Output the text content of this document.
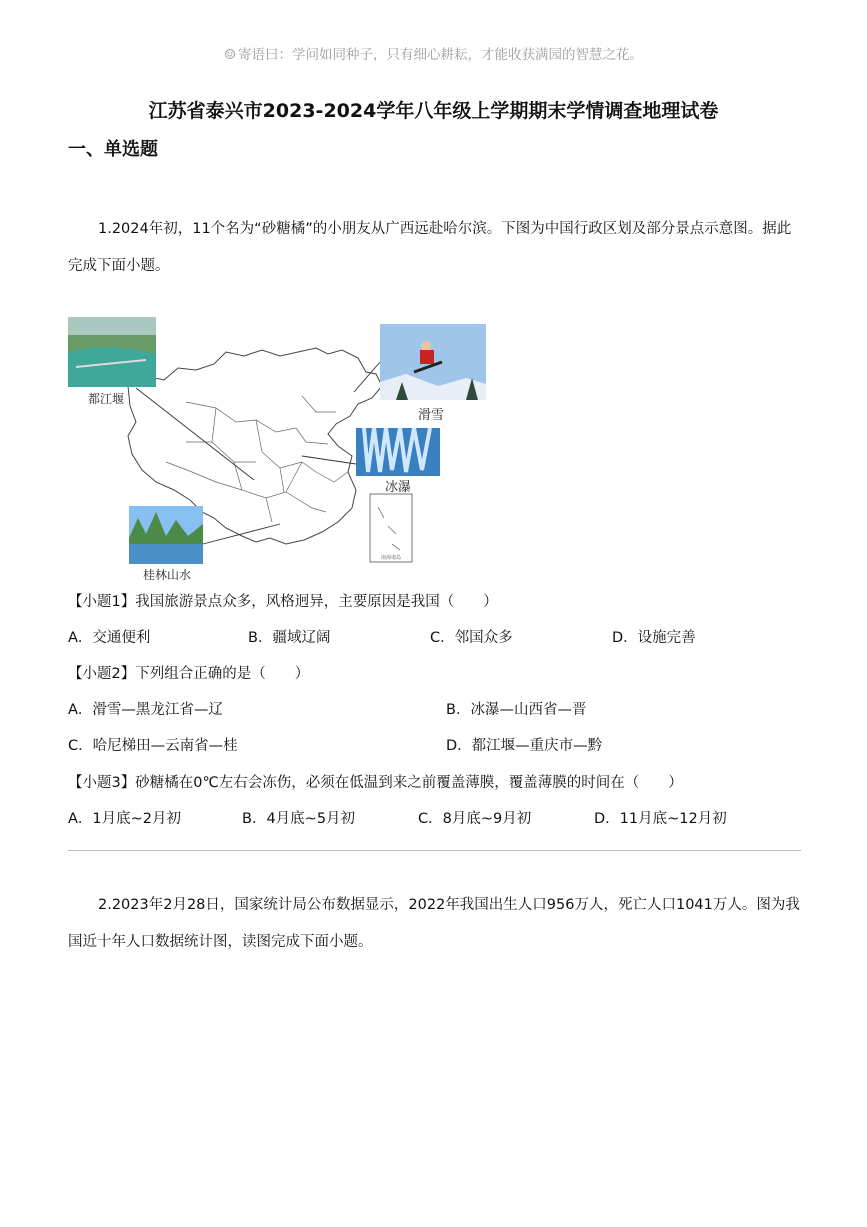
☺ 寄语曰：学问如同种子，只有细心耕耘，才能收获满园的智慧之花。
江苏省泰兴市2023-2024学年八年级上学期期末学情调查地理试卷
一、单选题
1.2024年初，11个名为“砂糖橘”的小朋友从广西远赴哈尔滨。下图为中国行政区划及部分景点示意图。据此完成下面小题。
南海诸岛
都江堰
滑雪
冰瀑
桂林山水
【小题1】我国旅游景点众多，风格迥异，主要原因是我国（　　）
A．交通便利	B．疆域辽阔	C．邻国众多	D．设施完善
【小题2】下列组合正确的是（　　）
A．滑雪—黑龙江省—辽	B．冰瀑—山西省—晋
C．哈尼梯田—云南省—桂	D．都江堰—重庆市—黔
【小题3】砂糖橘在0℃左右会冻伤，必须在低温到来之前覆盖薄膜，覆盖薄膜的时间在（　　）
A．1月底~2月初	B．4月底~5月初	C．8月底~9月初	D．11月底~12月初
2.2023年2月28日，国家统计局公布数据显示，2022年我国出生人口956万人，死亡人口1041万人。图为我国近十年人口数据统计图，读图完成下面小题。
